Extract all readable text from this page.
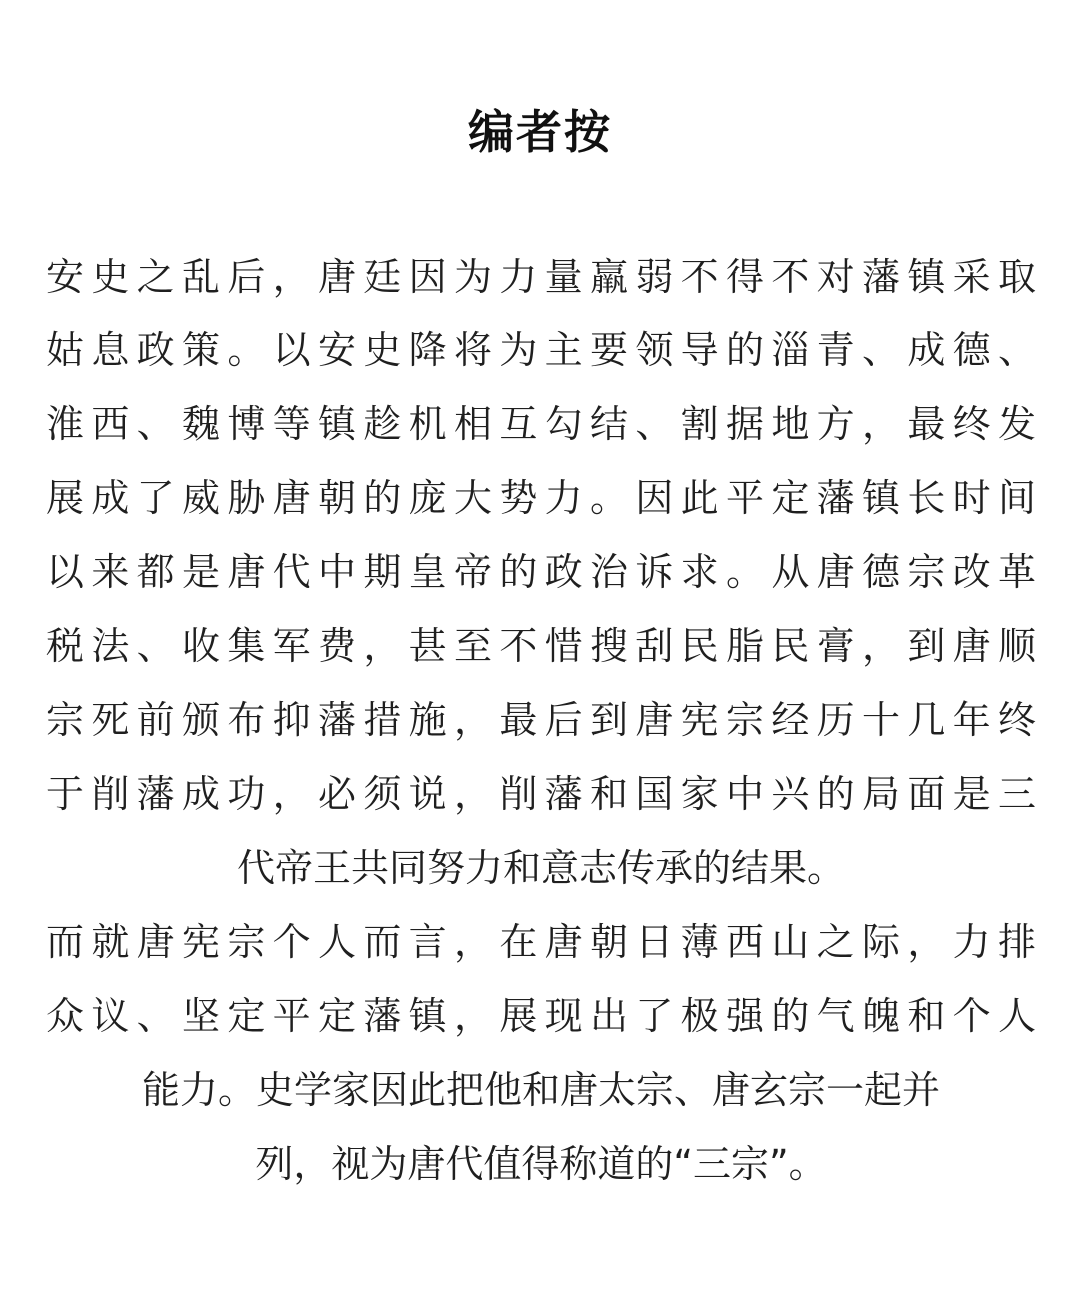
编者按
安史之乱后，唐廷因为力量羸弱不得不对藩镇采取
姑息政策。以安史降将为主要领导的淄青、成德、
淮西、魏博等镇趁机相互勾结、割据地方，最终发
展成了威胁唐朝的庞大势力。因此平定藩镇长时间
以来都是唐代中期皇帝的政治诉求。从唐德宗改革
税法、收集军费，甚至不惜搜刮民脂民膏，到唐顺
宗死前颁布抑藩措施，最后到唐宪宗经历十几年终
于削藩成功，必须说，削藩和国家中兴的局面是三
代帝王共同努力和意志传承的结果。
而就唐宪宗个人而言，在唐朝日薄西山之际，力排
众议、坚定平定藩镇，展现出了极强的气魄和个人
能力。史学家因此把他和唐太宗、唐玄宗一起并
列，视为唐代值得称道的“三宗”。
